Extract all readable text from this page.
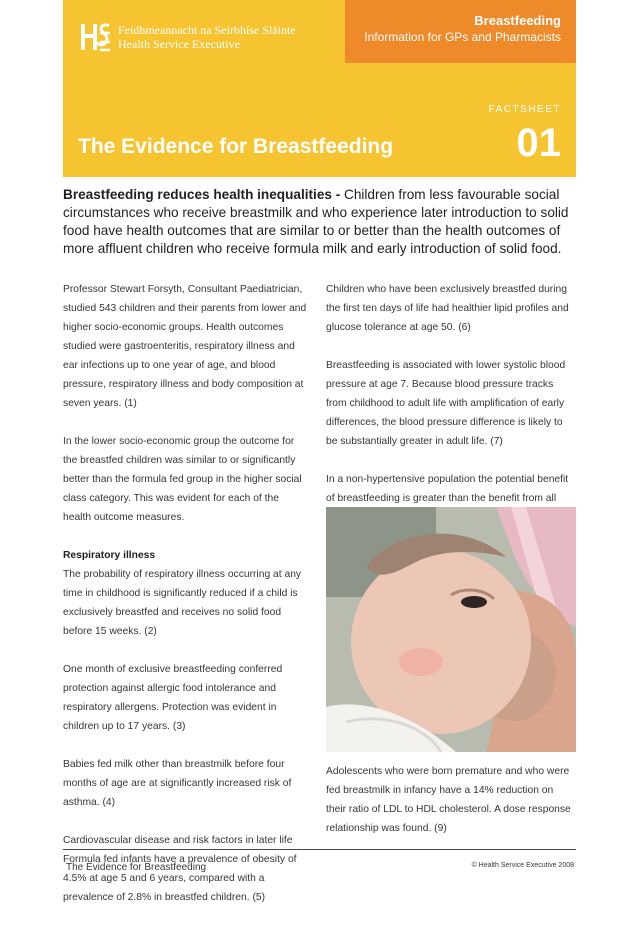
Breastfeeding
Information for GPs and Pharmacists
Feidhmeannacht na Seirbhíse Sláinte
Health Service Executive
FACTSHEET
01
The Evidence for Breastfeeding

Breastfeeding reduces health inequalities - Children from less favourable social circumstances who receive breastmilk and who experience later introduction to solid food have health outcomes that are similar to or better than the health outcomes of more affluent children who receive formula milk and early introduction of solid food.

Professor Stewart Forsyth, Consultant Paediatrician, studied 543 children and their parents from lower and higher socio-economic groups. Health outcomes studied were gastroenteritis, respiratory illness and ear infections up to one year of age, and blood pressure, respiratory illness and body composition at seven years. (1)

In the lower socio-economic group the outcome for the breastfed children was similar to or significantly better than the formula fed group in the higher social class category. This was evident for each of the health outcome measures.

Respiratory illness
The probability of respiratory illness occurring at any time in childhood is significantly reduced if a child is exclusively breastfed and receives no solid food before 15 weeks. (2)

One month of exclusive breastfeeding conferred protection against allergic food intolerance and respiratory allergens. Protection was evident in children up to 17 years. (3)

Babies fed milk other than breastmilk before four months of age are at significantly increased risk of asthma. (4)

Cardiovascular disease and risk factors in later life Formula fed infants have a prevalence of obesity of 4.5% at age 5 and 6 years, compared with a prevalence of 2.8% in breastfed children. (5)

Children who have been exclusively breastfed during the first ten days of life had healthier lipid profiles and glucose tolerance at age 50. (6)

Breastfeeding is associated with lower systolic blood pressure at age 7. Because blood pressure tracks from childhood to adult life with amplification of early differences, the blood pressure difference is likely to be substantially greater in adult life. (7)

In a non-hypertensive population the potential benefit of breastfeeding is greater than the benefit from all

Adolescents who were born premature and who were fed breastmilk in infancy have a 14% reduction on their ratio of LDL to HDL cholesterol. A dose response relationship was found. (9)

The Evidence for Breastfeeding	© Health Service Executive 2008
